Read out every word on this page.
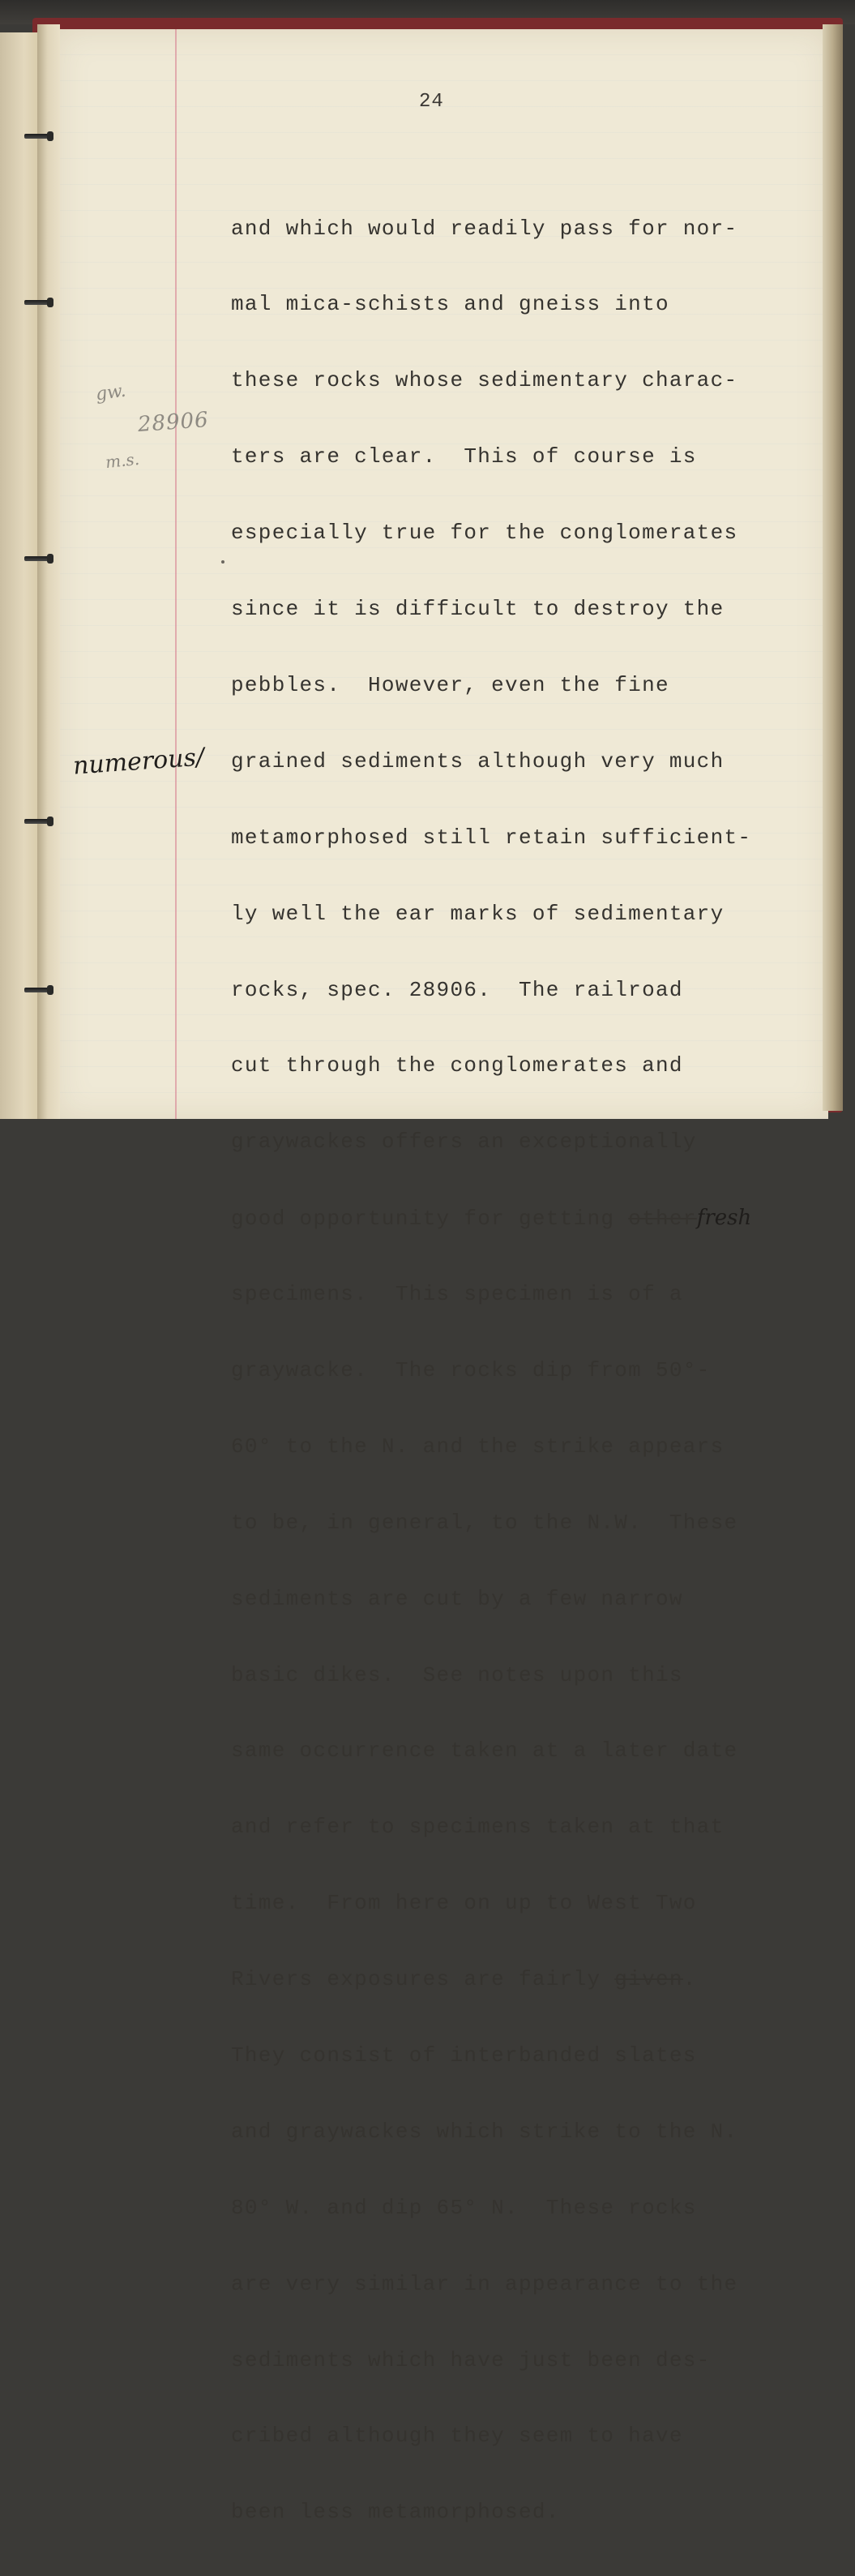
24

and which would readily pass for nor-

mal mica-schists and gneiss into

these rocks whose sedimentary charac-

ters are clear.  This of course is

especially true for the conglomerates

since it is difficult to destroy the

pebbles.  However, even the fine

grained sediments although very much

metamorphosed still retain sufficient-

ly well the ear marks of sedimentary

rocks, spec. 28906.  The railroad

cut through the conglomerates and

graywackes offers an exceptionally

good opportunity for getting otherfresh

specimens.  This specimen is of a

graywacke.  The rocks dip from 50°-

60° to the N. and the strike appears

to be, in general, to the N.W.  These

sediments are cut by a few narrow

basic dikes.  See notes upon this

same occurrence taken at a later date

and refer to specimens taken at that

time.  From here on up to West Two

Rivers exposures are fairly given.

They consist of interbanded slates

and graywackes which strike to the N.

80° W. and dip 65° N.  These rocks

are very similar in appearance to the

sediments which have just been des-

cribed although they seem to have

been less metamorphosed.

gw.
28906
m.s.
numerous/
